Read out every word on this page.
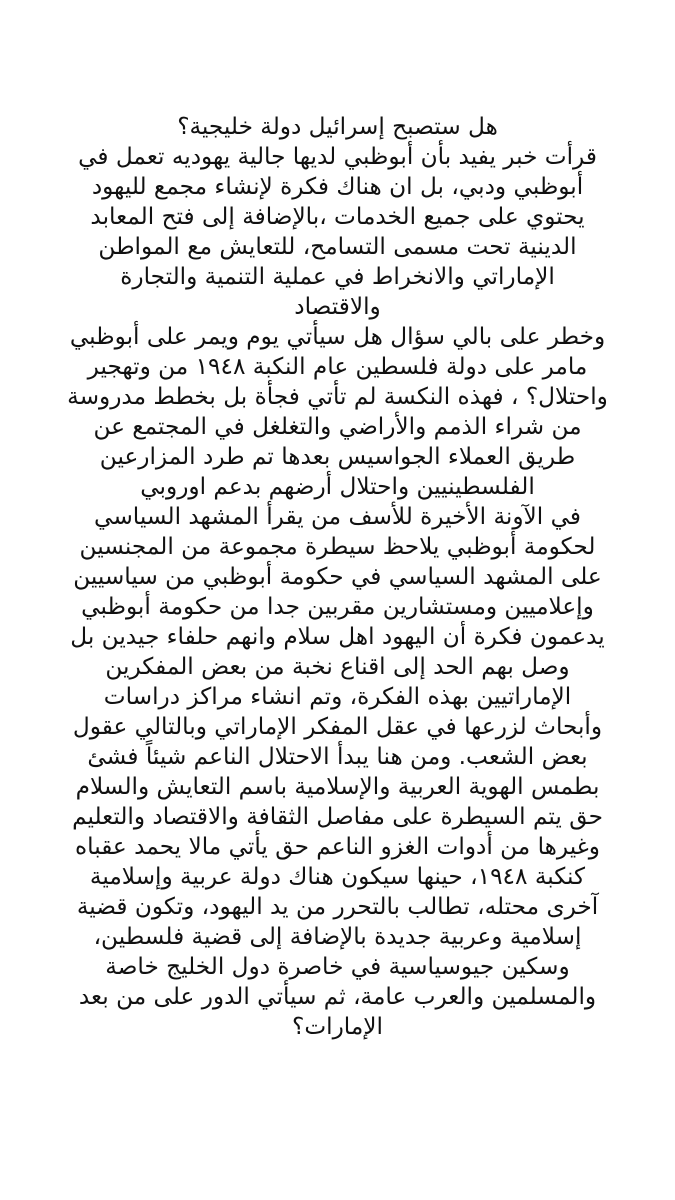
هل ستصبح إسرائيل دولة خليجية؟
قرأت خبر يفيد بأن أبوظبي لديها جالية يهوديه تعمل في
أبوظبي ودبي، بل ان هناك فكرة لإنشاء مجمع لليهود
يحتوي على جميع الخدمات ،بالإضافة إلى فتح المعابد
الدينية تحت مسمى التسامح، للتعايش مع المواطن
الإماراتي والانخراط في عملية التنمية والتجارة
والاقتصاد
وخطر على بالي سؤال هل سيأتي يوم ويمر على أبوظبي
مامر على دولة فلسطين عام النكبة ١٩٤٨ من وتهجير
واحتلال؟ ، فهذه النكسة لم تأتي فجأة بل بخطط مدروسة
من شراء الذمم والأراضي والتغلغل في المجتمع عن
طريق العملاء الجواسيس بعدها تم طرد المزارعين
الفلسطينيين واحتلال أرضهم بدعم اوروبي
في الآونة الأخيرة للأسف من يقرأ المشهد السياسي
لحكومة أبوظبي يلاحظ سيطرة مجموعة من المجنسين
على المشهد السياسي في حكومة أبوظبي من سياسيين
وإعلاميين ومستشارين مقربين جدا من حكومة أبوظبي
يدعمون فكرة أن اليهود اهل سلام وانهم حلفاء جيدين بل
وصل بهم الحد إلى اقناع نخبة من بعض المفكرين
الإماراتيين بهذه الفكرة، وتم انشاء مراكز دراسات
وأبحاث لزرعها في عقل المفكر الإماراتي وبالتالي عقول
بعض الشعب. ومن هنا يبدأ الاحتلال الناعم شيئاً فشئ
بطمس الهوية العربية والإسلامية باسم التعايش والسلام
حق يتم السيطرة على مفاصل الثقافة والاقتصاد والتعليم
وغيرها من أدوات الغزو الناعم حق يأتي مالا يحمد عقباه
كنكبة ١٩٤٨، حينها سيكون هناك دولة عربية وإسلامية
آخرى محتله، تطالب بالتحرر من يد اليهود، وتكون قضية
إسلامية وعربية جديدة بالإضافة إلى قضية فلسطين،
وسكين جيوسياسية في خاصرة دول الخليج خاصة
والمسلمين والعرب عامة، ثم سيأتي الدور على من بعد
الإمارات؟
